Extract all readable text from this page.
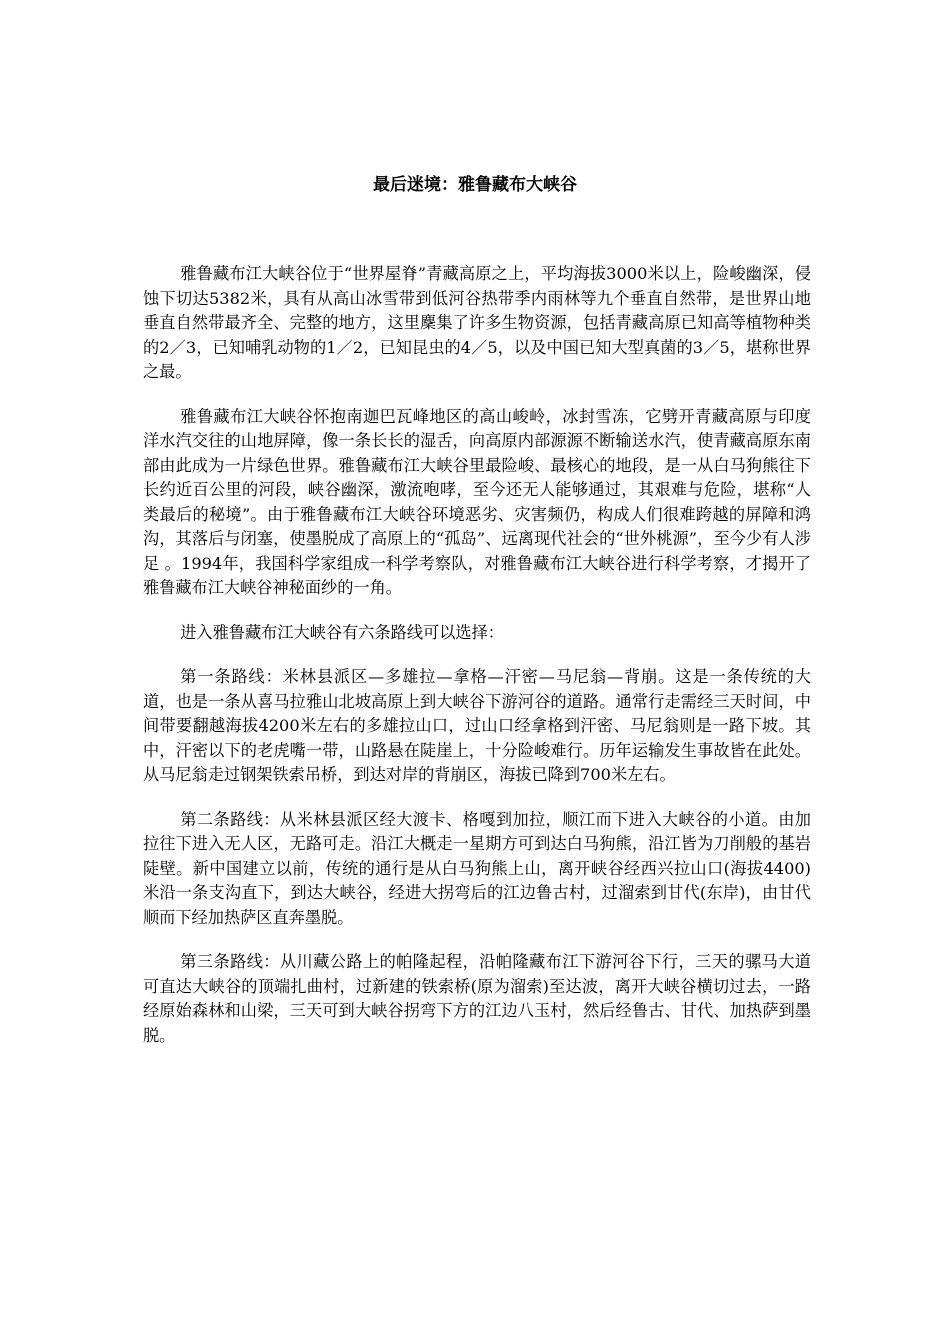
最后迷境：雅鲁藏布大峡谷

雅鲁藏布江大峡谷位于“世界屋脊”青藏高原之上，平均海拔3000米以上，险峻幽深，侵蚀下切达5382米，具有从高山冰雪带到低河谷热带季内雨林等九个垂直自然带，是世界山地垂直自然带最齐全、完整的地方，这里麇集了许多生物资源，包括青藏高原已知高等植物种类的2／3，已知哺乳动物的1／2，已知昆虫的4／5，以及中国已知大型真菌的3／5，堪称世界之最。

雅鲁藏布江大峡谷怀抱南迦巴瓦峰地区的高山峻岭，冰封雪冻，它劈开青藏高原与印度洋水汽交往的山地屏障，像一条长长的湿舌，向高原内部源源不断输送水汽，使青藏高原东南部由此成为一片绿色世界。雅鲁藏布江大峡谷里最险峻、最核心的地段，是一从白马狗熊往下长约近百公里的河段，峡谷幽深，激流咆哮，至今还无人能够通过，其艰难与危险，堪称“人类最后的秘境”。由于雅鲁藏布江大峡谷环境恶劣、灾害频仍，构成人们很难跨越的屏障和鸿沟，其落后与闭塞，使墨脱成了高原上的“孤岛”、远离现代社会的“世外桃源”，至今少有人涉足 。1994年，我国科学家组成一科学考察队，对雅鲁藏布江大峡谷进行科学考察，才揭开了雅鲁藏布江大峡谷神秘面纱的一角。

进入雅鲁藏布江大峡谷有六条路线可以选择：

第一条路线：米林县派区—多雄拉—拿格—汗密—马尼翁—背崩。这是一条传统的大道，也是一条从喜马拉雅山北坡高原上到大峡谷下游河谷的道路。通常行走需经三天时间，中间带要翻越海拔4200米左右的多雄拉山口，过山口经拿格到汗密、马尼翁则是一路下坡。其中，汗密以下的老虎嘴一带，山路悬在陡崖上，十分险峻难行。历年运输发生事故皆在此处。从马尼翁走过钢架铁索吊桥，到达对岸的背崩区，海拔已降到700米左右。

第二条路线：从米林县派区经大渡卡、格嘎到加拉，顺江而下进入大峡谷的小道。由加拉往下进入无人区，无路可走。沿江大概走一星期方可到达白马狗熊，沿江皆为刀削般的基岩陡壁。新中国建立以前，传统的通行是从白马狗熊上山，离开峡谷经西兴拉山口(海拔4400)米沿一条支沟直下，到达大峡谷，经进大拐弯后的江边鲁古村，过溜索到甘代(东岸)，由甘代顺而下经加热萨区直奔墨脱。

第三条路线：从川藏公路上的帕隆起程，沿帕隆藏布江下游河谷下行，三天的骡马大道可直达大峡谷的顶端扎曲村，过新建的铁索桥(原为溜索)至达波，离开大峡谷横切过去，一路经原始森林和山梁，三天可到大峡谷拐弯下方的江边八玉村，然后经鲁古、甘代、加热萨到墨脱。
